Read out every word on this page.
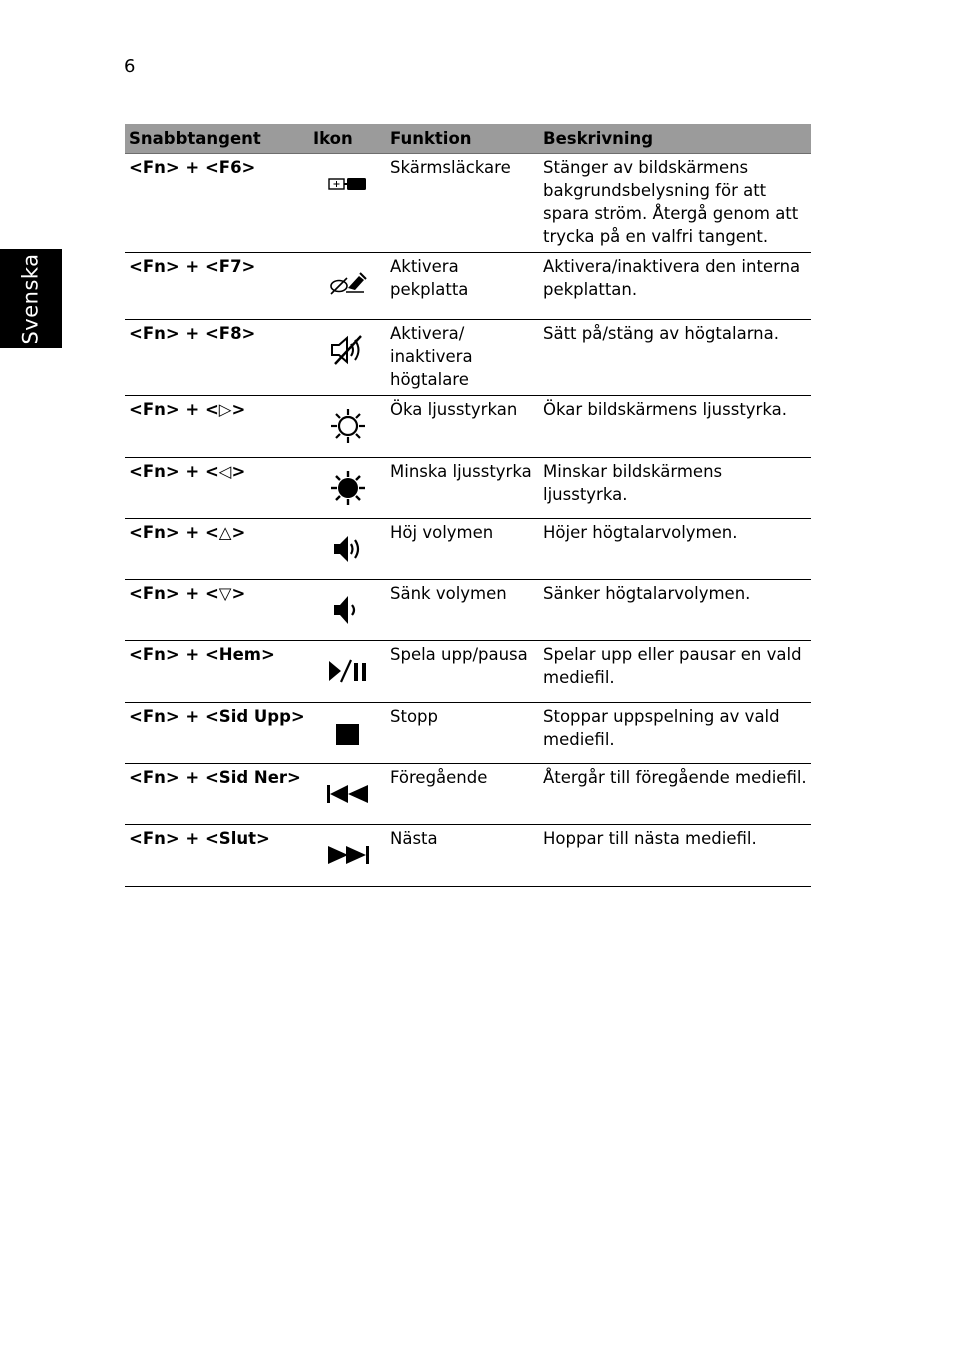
6
Svenska
Snabbtangent	Ikon	Funktion	Beskrivning
<Fn> + <F6>		Skärmsläckare	Stänger av bildskärmens bakgrundsbelysning för att spara ström. Återgå genom att trycka på en valfri tangent.
<Fn> + <F7>		Aktivera pekplatta	Aktivera/inaktivera den interna pekplattan.
<Fn> + <F8>		Aktivera/ inaktivera högtalare	Sätt på/stäng av högtalarna.
<Fn> + <▷>		Öka ljusstyrkan	Ökar bildskärmens ljusstyrka.
<Fn> + <◁>		Minska ljusstyrka	Minskar bildskärmens ljusstyrka.
<Fn> + <△>		Höj volymen	Höjer högtalarvolymen.
<Fn> + <▽>		Sänk volymen	Sänker högtalarvolymen.
<Fn> + <Hem>		Spela upp/pausa	Spelar upp eller pausar en vald mediefil.
<Fn> + <Sid Upp>		Stopp	Stoppar uppspelning av vald mediefil.
<Fn> + <Sid Ner>		Föregående	Återgår till föregående mediefil.
<Fn> + <Slut>		Nästa	Hoppar till nästa mediefil.
